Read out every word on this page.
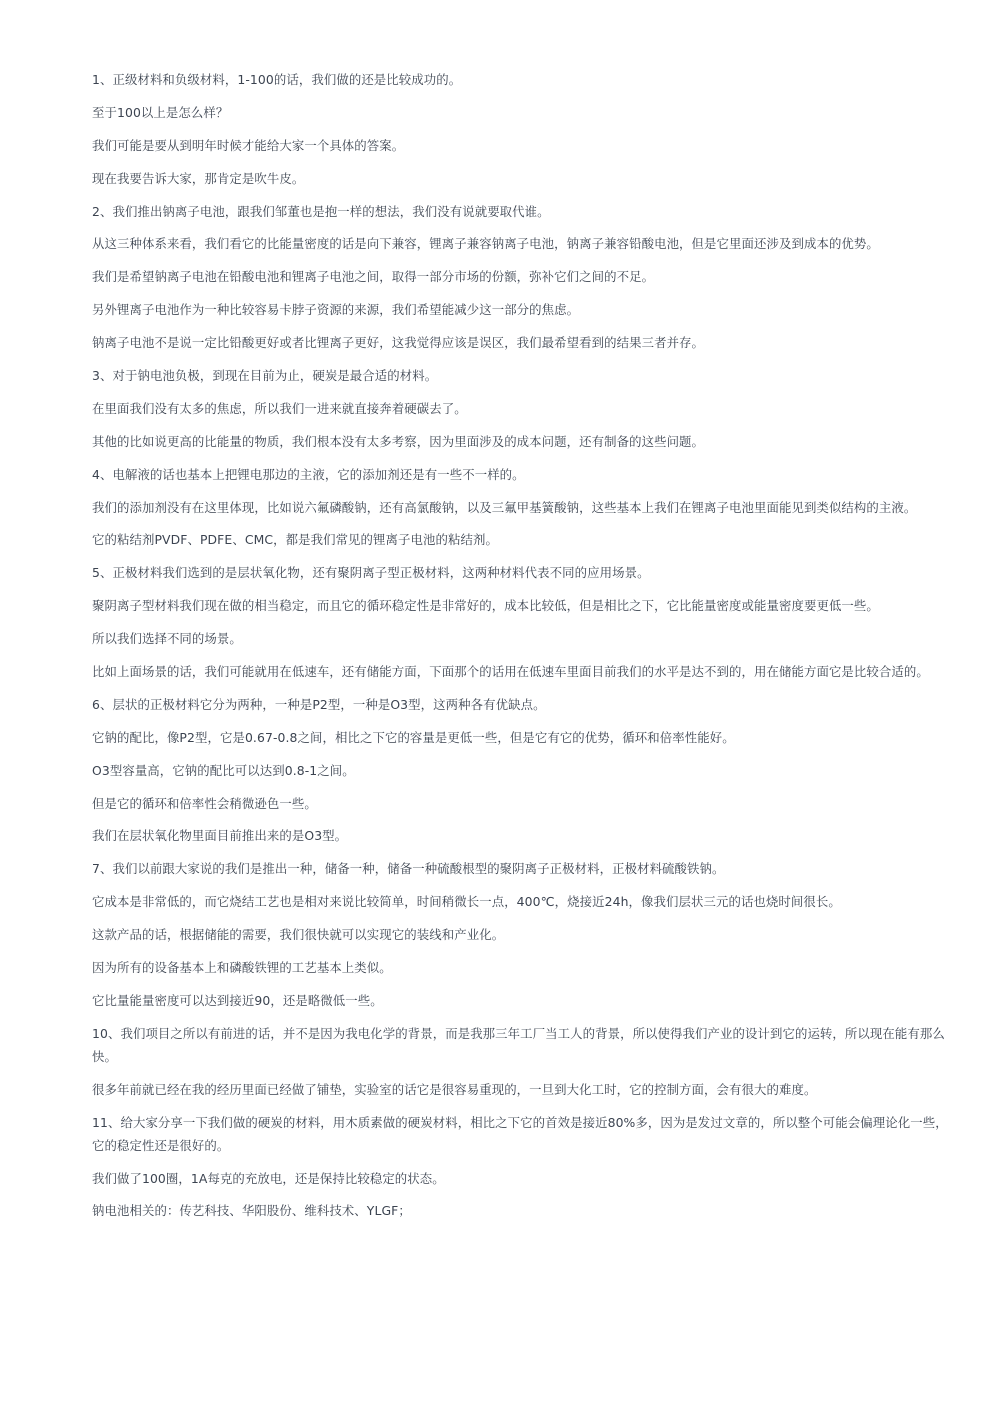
1、正级材料和负级材料，1-100的话，我们做的还是比较成功的。

至于100以上是怎么样？

我们可能是要从到明年时候才能给大家一个具体的答案。

现在我要告诉大家，那肯定是吹牛皮。

2、我们推出钠离子电池，跟我们邹董也是抱一样的想法，我们没有说就要取代谁。

从这三种体系来看，我们看它的比能量密度的话是向下兼容，锂离子兼容钠离子电池，钠离子兼容铅酸电池，但是它里面还涉及到成本的优势。

我们是希望钠离子电池在铅酸电池和锂离子电池之间，取得一部分市场的份额，弥补它们之间的不足。

另外锂离子电池作为一种比较容易卡脖子资源的来源，我们希望能减少这一部分的焦虑。

钠离子电池不是说一定比铅酸更好或者比锂离子更好，这我觉得应该是误区，我们最希望看到的结果三者并存。

3、对于钠电池负极，到现在目前为止，硬炭是最合适的材料。

在里面我们没有太多的焦虑，所以我们一进来就直接奔着硬碳去了。

其他的比如说更高的比能量的物质，我们根本没有太多考察，因为里面涉及的成本问题，还有制备的这些问题。

4、电解液的话也基本上把锂电那边的主液，它的添加剂还是有一些不一样的。

我们的添加剂没有在这里体现，比如说六氟磷酸钠，还有高氯酸钠，以及三氟甲基簧酸钠，这些基本上我们在锂离子电池里面能见到类似结构的主液。

它的粘结剂PVDF、PDFE、CMC，都是我们常见的锂离子电池的粘结剂。

5、正极材料我们选到的是层状氧化物，还有聚阴离子型正极材料，这两种材料代表不同的应用场景。

聚阴离子型材料我们现在做的相当稳定，而且它的循环稳定性是非常好的，成本比较低，但是相比之下，它比能量密度或能量密度要更低一些。

所以我们选择不同的场景。

比如上面场景的话，我们可能就用在低速车，还有储能方面，下面那个的话用在低速车里面目前我们的水平是达不到的，用在储能方面它是比较合适的。

6、层状的正极材料它分为两种，一种是P2型，一种是O3型，这两种各有优缺点。

它钠的配比，像P2型，它是0.67-0.8之间，相比之下它的容量是更低一些，但是它有它的优势，循环和倍率性能好。

O3型容量高，它钠的配比可以达到0.8-1之间。

但是它的循环和倍率性会稍微逊色一些。

我们在层状氧化物里面目前推出来的是O3型。

7、我们以前跟大家说的我们是推出一种，储备一种，储备一种硫酸根型的聚阴离子正极材料，正极材料硫酸铁钠。

它成本是非常低的，而它烧结工艺也是相对来说比较简单，时间稍微长一点，400℃，烧接近24h，像我们层状三元的话也烧时间很长。

这款产品的话，根据储能的需要，我们很快就可以实现它的装线和产业化。

因为所有的设备基本上和磷酸铁锂的工艺基本上类似。

它比量能量密度可以达到接近90，还是略微低一些。

10、我们项目之所以有前进的话，并不是因为我电化学的背景，而是我那三年工厂当工人的背景，所以使得我们产业的设计到它的运转，所以现在能有那么快。

很多年前就已经在我的经历里面已经做了铺垫，实验室的话它是很容易重现的，一旦到大化工时，它的控制方面，会有很大的难度。

11、给大家分享一下我们做的硬炭的材料，用木质素做的硬炭材料，相比之下它的首效是接近80%多，因为是发过文章的，所以整个可能会偏理论化一些，它的稳定性还是很好的。

我们做了100圈，1A每克的充放电，还是保持比较稳定的状态。

钠电池相关的：传艺科技、华阳股份、维科技术、YLGF；
